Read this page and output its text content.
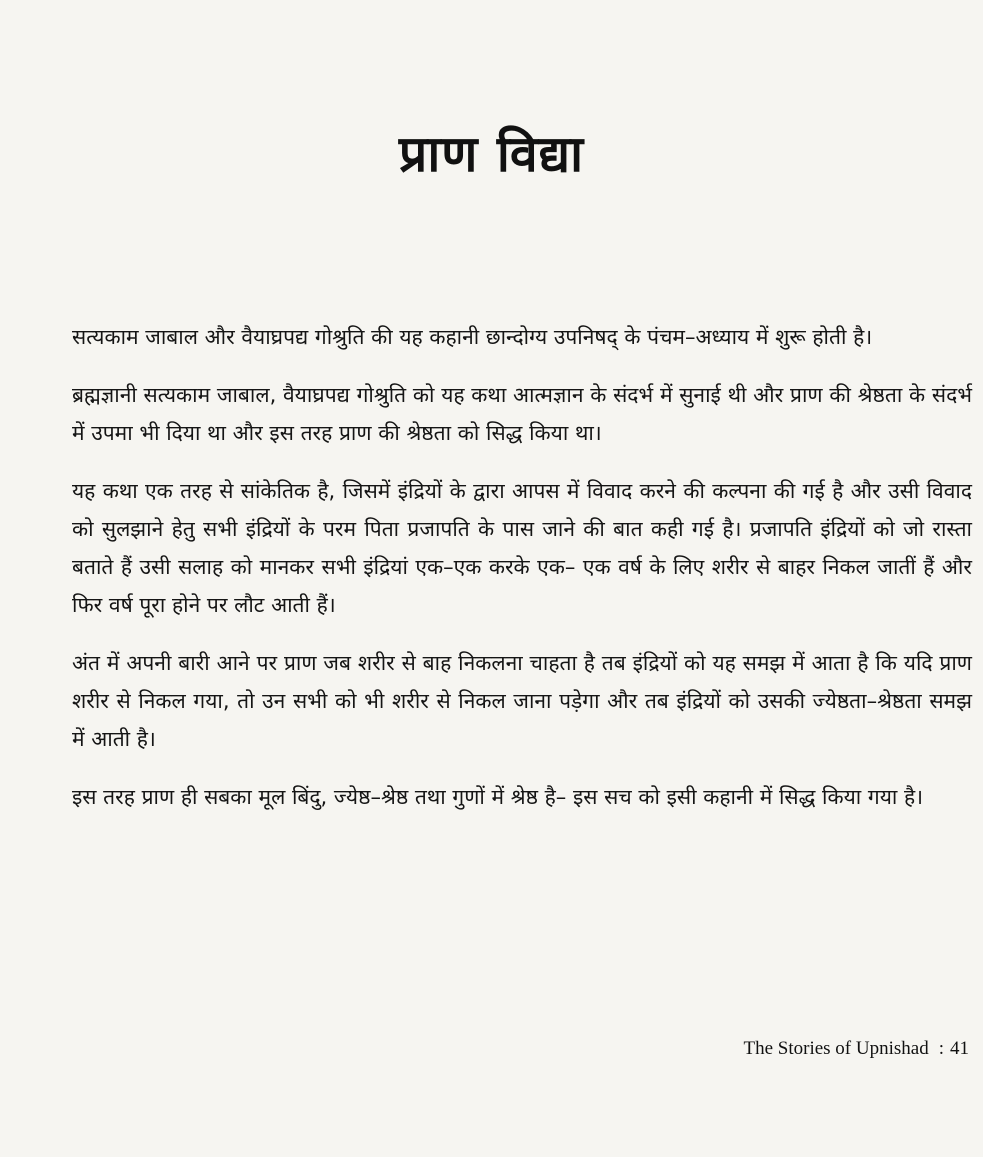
प्राण विद्या

सत्यकाम जाबाल और वैयाघ्रपद्य गोश्रुति की यह कहानी छान्दोग्य उपनिषद् के पंचम–अध्याय में शुरू होती है।

ब्रह्मज्ञानी सत्यकाम जाबाल, वैयाघ्रपद्य गोश्रुति को यह कथा आत्मज्ञान के संदर्भ में सुनाई थी और प्राण की श्रेष्ठता के संदर्भ में उपमा भी दिया था और इस तरह प्राण की श्रेष्ठता को सिद्ध किया था।

यह कथा एक तरह से सांकेतिक है, जिसमें इंद्रियों के द्वारा आपस में विवाद करने की कल्पना की गई है और उसी विवाद को सुलझाने हेतु सभी इंद्रियों के परम पिता प्रजापति के पास जाने की बात कही गई है। प्रजापति इंद्रियों को जो रास्ता बताते हैं उसी सलाह को मानकर सभी इंद्रियां एक–एक करके एक– एक वर्ष के लिए शरीर से बाहर निकल जातीं हैं और फिर वर्ष पूरा होने पर लौट आती हैं।

अंत में अपनी बारी आने पर प्राण जब शरीर से बाह निकलना चाहता है तब इंद्रियों को यह समझ में आता है कि यदि प्राण शरीर से निकल गया, तो उन सभी को भी शरीर से निकल जाना पड़ेगा और तब इंद्रियों को उसकी ज्येष्ठता–श्रेष्ठता समझ में आती है।

इस तरह प्राण ही सबका मूल बिंदु, ज्येष्ठ–श्रेष्ठ तथा गुणों में श्रेष्ठ है– इस सच को इसी कहानी में सिद्ध किया गया है।

The Stories of Upnishad : 41
